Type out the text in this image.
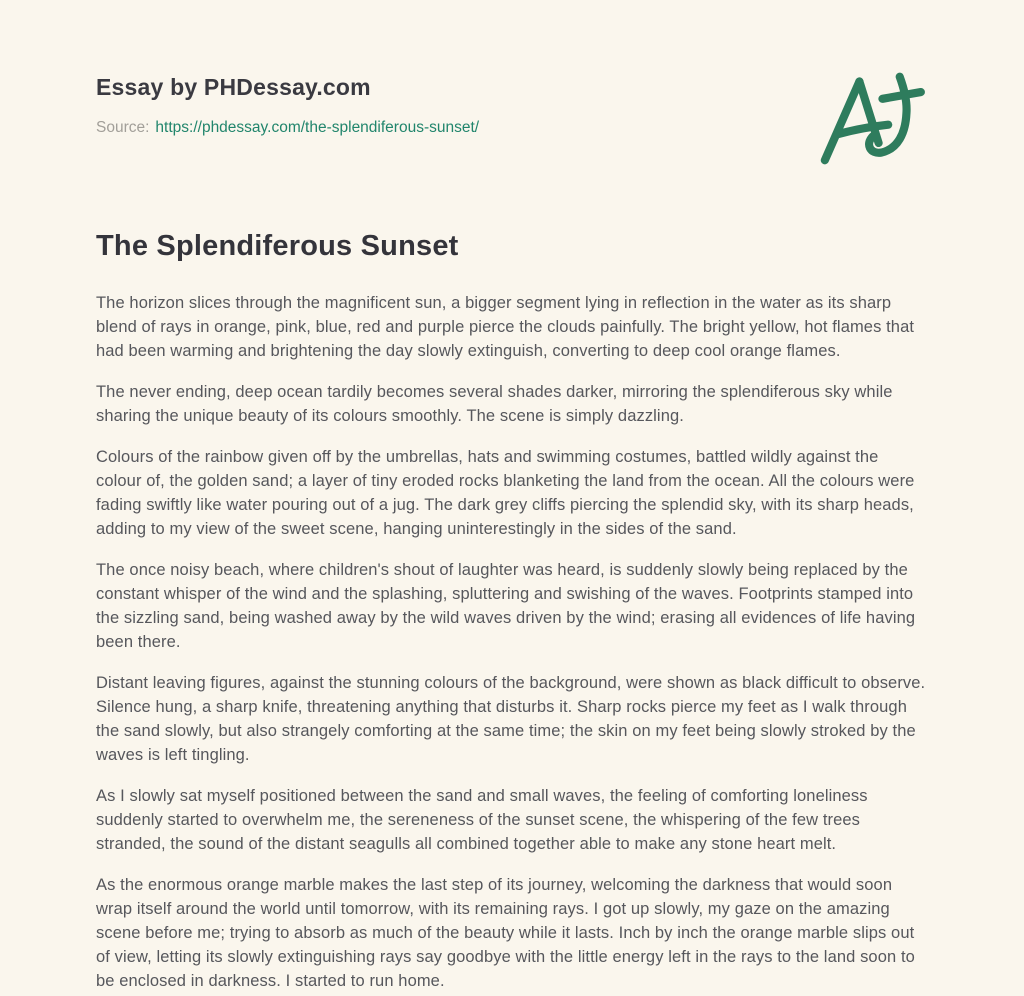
Essay by PHDessay.com
Source: https://phdessay.com/the-splendiferous-sunset/
The Splendiferous Sunset

The horizon slices through the magnificent sun, a bigger segment lying in reflection in the water as its sharp blend of rays in orange, pink, blue, red and purple pierce the clouds painfully. The bright yellow, hot flames that had been warming and brightening the day slowly extinguish, converting to deep cool orange flames.

The never ending, deep ocean tardily becomes several shades darker, mirroring the splendiferous sky while sharing the unique beauty of its colours smoothly. The scene is simply dazzling.

Colours of the rainbow given off by the umbrellas, hats and swimming costumes, battled wildly against the colour of, the golden sand; a layer of tiny eroded rocks blanketing the land from the ocean. All the colours were fading swiftly like water pouring out of a jug. The dark grey cliffs piercing the splendid sky, with its sharp heads, adding to my view of the sweet scene, hanging uninterestingly in the sides of the sand.

The once noisy beach, where children's shout of laughter was heard, is suddenly slowly being replaced by the constant whisper of the wind and the splashing, spluttering and swishing of the waves. Footprints stamped into the sizzling sand, being washed away by the wild waves driven by the wind; erasing all evidences of life having been there.

Distant leaving figures, against the stunning colours of the background, were shown as black difficult to observe. Silence hung, a sharp knife, threatening anything that disturbs it. Sharp rocks pierce my feet as I walk through the sand slowly, but also strangely comforting at the same time; the skin on my feet being slowly stroked by the waves is left tingling.

As I slowly sat myself positioned between the sand and small waves, the feeling of comforting loneliness suddenly started to overwhelm me, the sereneness of the sunset scene, the whispering of the few trees stranded, the sound of the distant seagulls all combined together able to make any stone heart melt.

As the enormous orange marble makes the last step of its journey, welcoming the darkness that would soon wrap itself around the world until tomorrow, with its remaining rays. I got up slowly, my gaze on the amazing scene before me; trying to absorb as much of the beauty while it lasts. Inch by inch the orange marble slips out of view, letting its slowly extinguishing rays say goodbye with the little energy left in the rays to the land soon to be enclosed in darkness. I started to run home.
